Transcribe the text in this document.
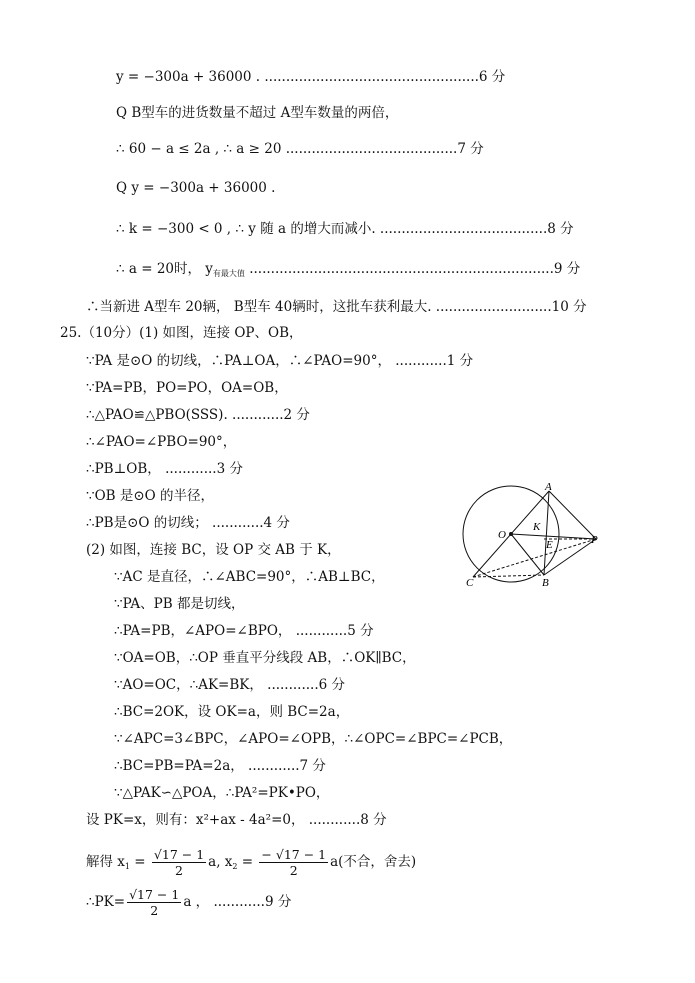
y = −300a + 36000 . ..................................................6 分
Q B型车的进货数量不超过 A型车数量的两倍，
∴ 60 − a ≤ 2a , ∴ a ≥ 20 ........................................7 分
Q y = −300a + 36000 .
∴ k = −300 < 0 , ∴ y 随 a 的增大而减小. .......................................8 分
∴ a = 20时， $y_{有最大值}$ .......................................................................9 分
∴当新进 A型车 20辆， B型车 40辆时，这批车获利最大. ...........................10 分
25.（10分）(1) 如图，连接 OP、OB，
∵PA 是⊙O 的切线，∴PA⊥OA，∴∠PAO=90°， ............1 分
∵PA=PB，PO=PO，OA=OB，
∴△PAO≌△PBO(SSS). ............2 分
∴∠PAO=∠PBO=90°，
∴PB⊥OB， ............3 分
∵OB 是⊙O 的半径，
∴PB是⊙O 的切线； ............4 分
(2) 如图，连接 BC，设 OP 交 AB 于 K，
∵AC 是直径，∴∠ABC=90°，∴AB⊥BC，
∵PA、PB 都是切线，
∴PA=PB，∠APO=∠BPO， ............5 分
∵OA=OB，∴OP 垂直平分线段 AB，∴OK∥BC，
∵AO=OC，∴AK=BK， ............6 分
∴BC=2OK，设 OK=a，则 BC=2a，
∵∠APC=3∠BPC，∠APO=∠OPB，∴∠OPC=∠BPC=∠PCB，
∴BC=PB=PA=2a， ............7 分
∵△PAK∽△POA，∴PA²=PK•PO，
设 PK=x，则有：x²+ax - 4a²=0， ............8 分
解得 $x_1 = \frac{√17 - 1}{2} a$, $x_2 = \frac{- √17 - 1}{2} a$(不合，舍去)
∴PK= $\frac{√17 - 1}{2}$ a ， ............9 分
A
B
C
O
K
E	P
